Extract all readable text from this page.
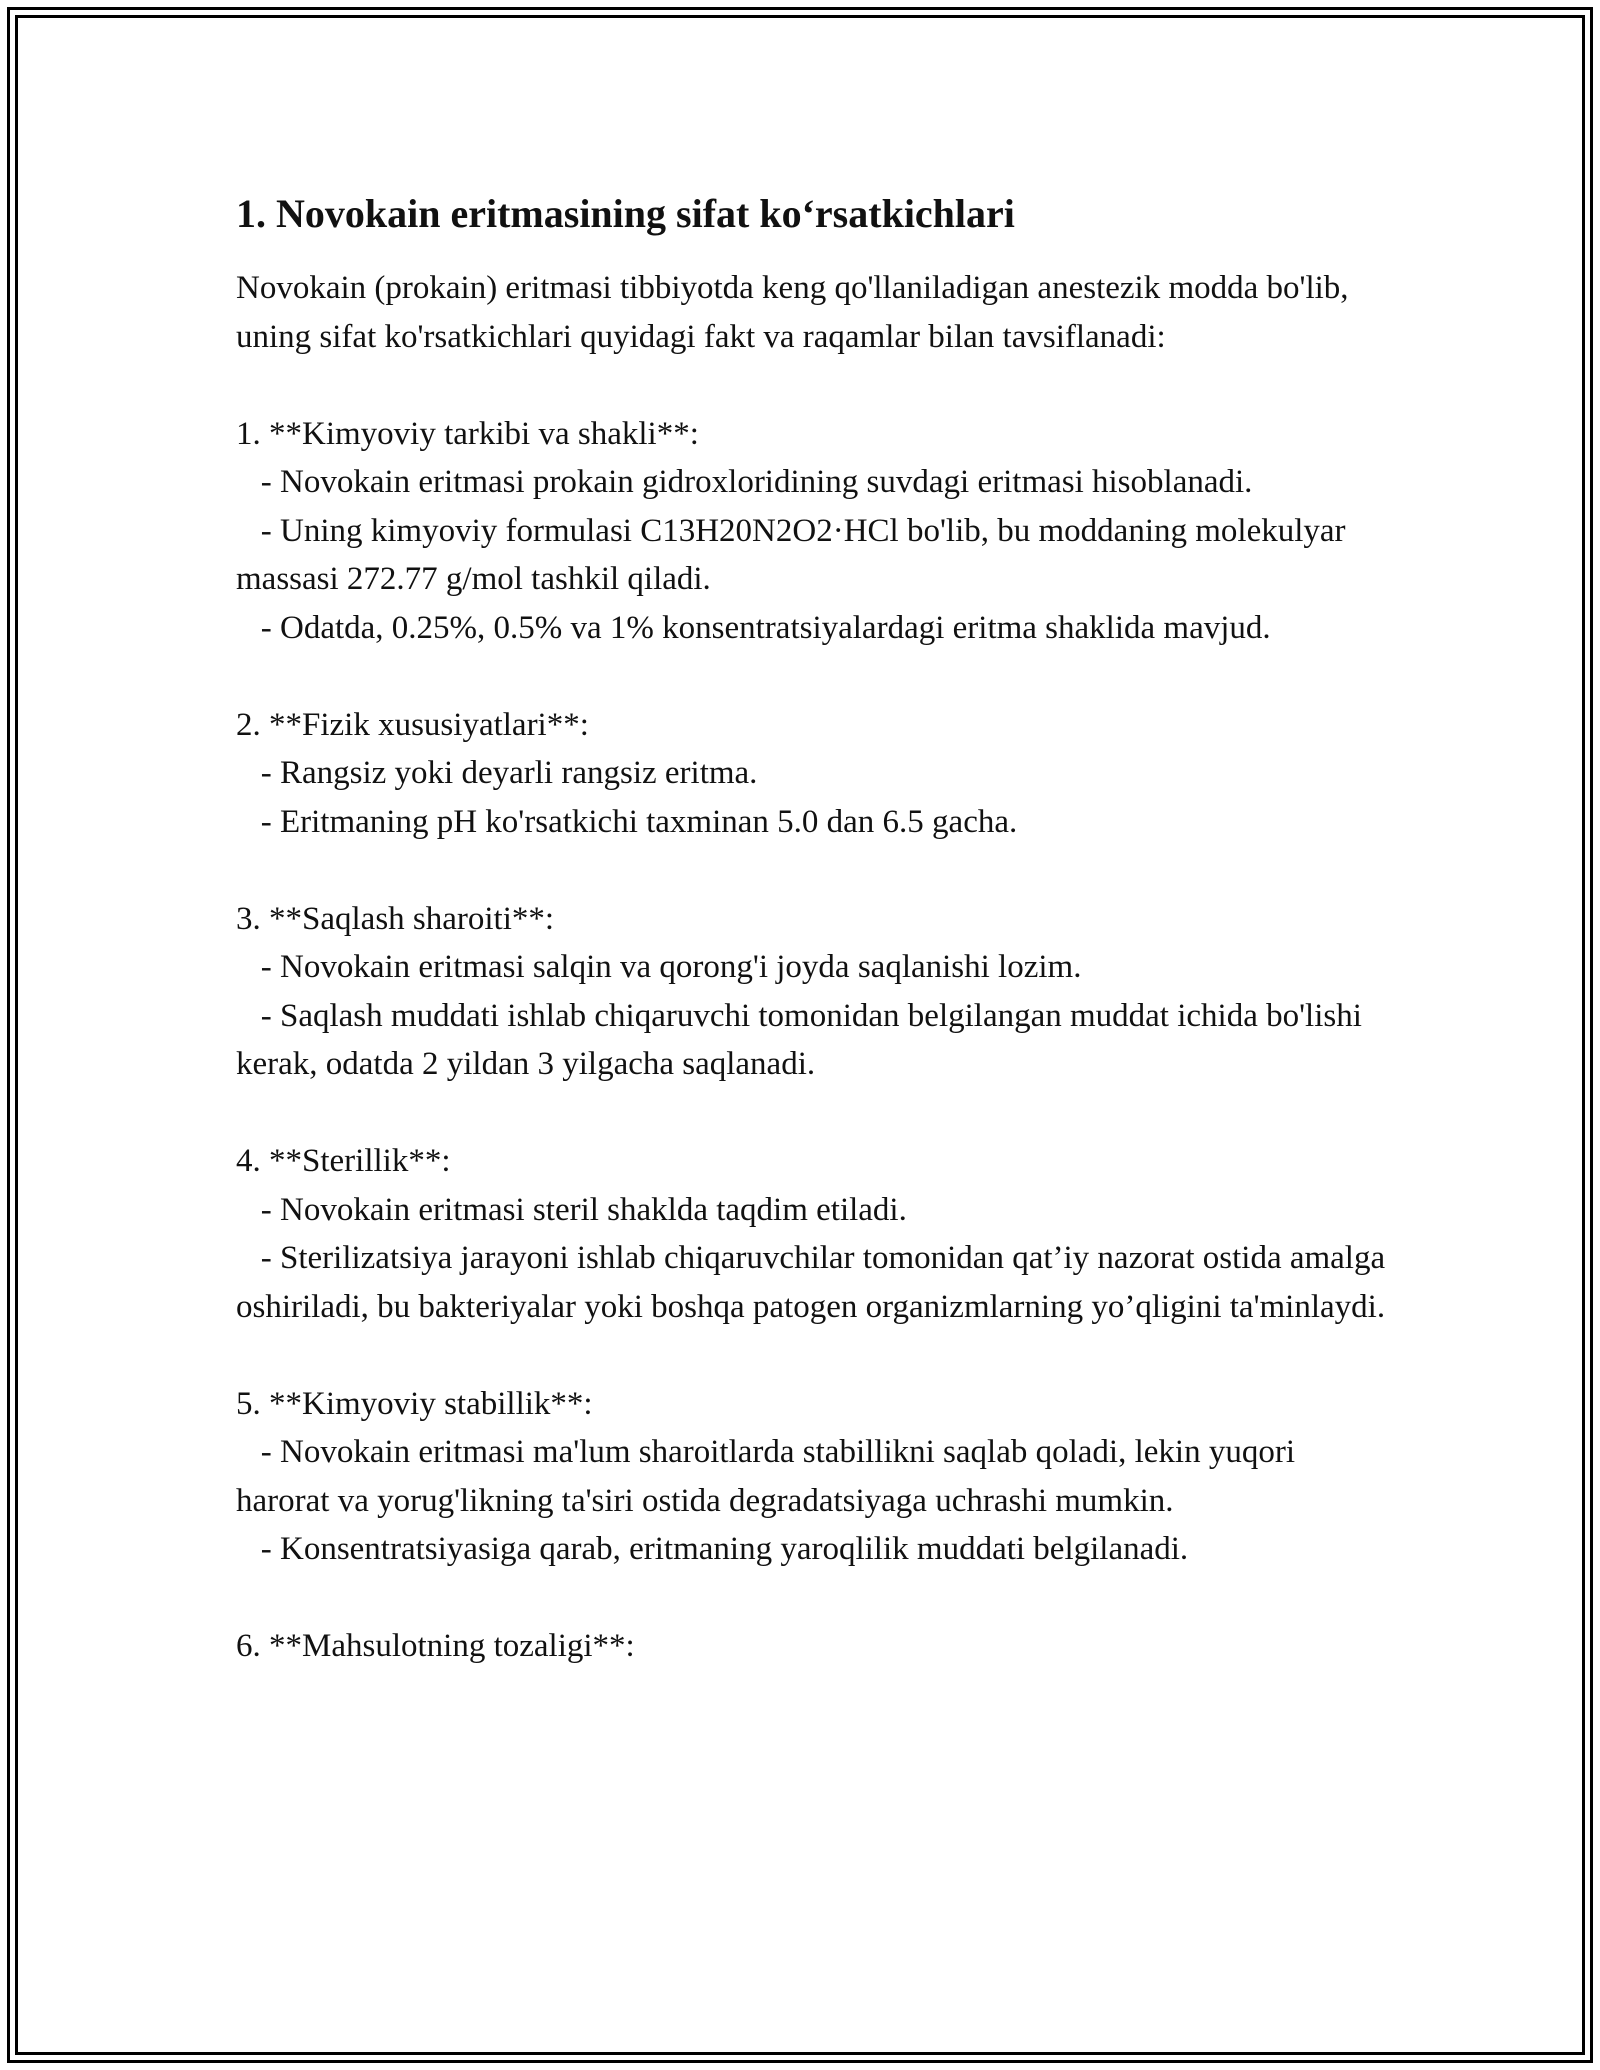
1. Novokain eritmasining sifat ko‘rsatkichlari

Novokain (prokain) eritmasi tibbiyotda keng qo'llaniladigan anestezik modda bo'lib, uning sifat ko'rsatkichlari quyidagi fakt va raqamlar bilan tavsiflanadi:

1. **Kimyoviy tarkibi va shakli**:

- Novokain eritmasi prokain gidroxloridining suvdagi eritmasi hisoblanadi.

- Uning kimyoviy formulasi C13H20N2O2·HCl bo'lib, bu moddaning molekulyar massasi 272.77 g/mol tashkil qiladi.

- Odatda, 0.25%, 0.5% va 1% konsentratsiyalardagi eritma shaklida mavjud.

2. **Fizik xususiyatlari**:

- Rangsiz yoki deyarli rangsiz eritma.

- Eritmaning pH ko'rsatkichi taxminan 5.0 dan 6.5 gacha.

3. **Saqlash sharoiti**:

- Novokain eritmasi salqin va qorong'i joyda saqlanishi lozim.

- Saqlash muddati ishlab chiqaruvchi tomonidan belgilangan muddat ichida bo'lishi kerak, odatda 2 yildan 3 yilgacha saqlanadi.

4. **Sterillik**:

- Novokain eritmasi steril shaklda taqdim etiladi.

- Sterilizatsiya jarayoni ishlab chiqaruvchilar tomonidan qat’iy nazorat ostida amalga oshiriladi, bu bakteriyalar yoki boshqa patogen organizmlarning yo’qligini ta'minlaydi.

5. **Kimyoviy stabillik**:

- Novokain eritmasi ma'lum sharoitlarda stabillikni saqlab qoladi, lekin yuqori harorat va yorug'likning ta'siri ostida degradatsiyaga uchrashi mumkin.

- Konsentratsiyasiga qarab, eritmaning yaroqlilik muddati belgilanadi.

6. **Mahsulotning tozaligi**:
